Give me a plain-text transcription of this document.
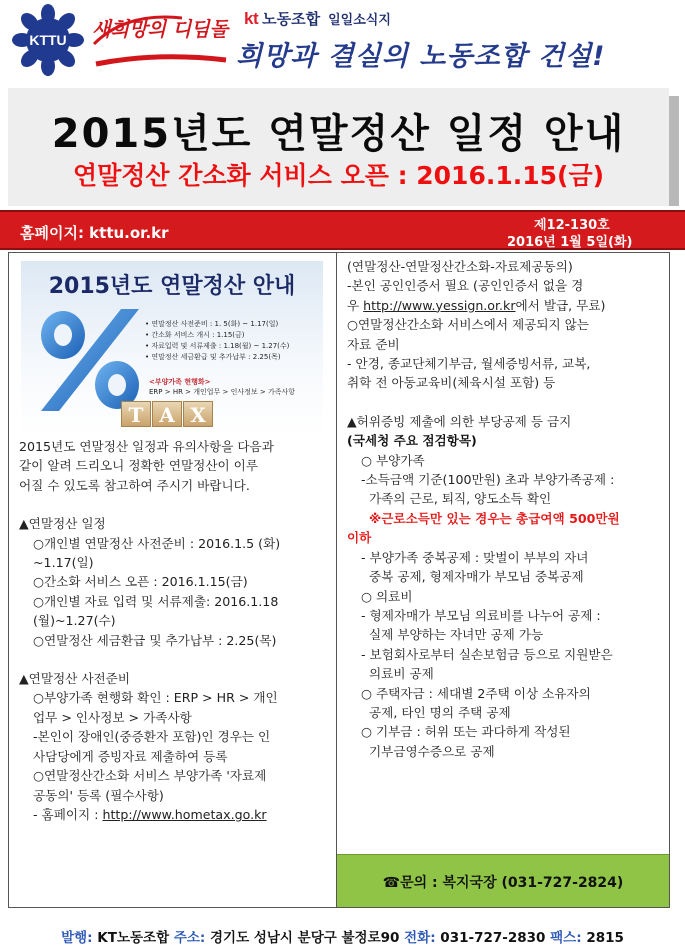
KTTU 새희망의 디딤돌 kt 노동조합 일일소식지
희망과 결실의 노동조합 건설!
2015년도 연말정산 일정 안내
연말정산 간소화 서비스 오픈 : 2016.1.15(금)
홈페이지: kttu.or.kr	제12-130호
2016년 1월 5일(화)
2015년도 연말정산 안내
• 연말정산 사전준비 : 1. 5(화) ~ 1.17(일)
• 간소화 서비스 개시 : 1.15(금)
• 자료입력 및 서류제출 : 1.18(월) ~ 1.27(수)
• 연말정산 세금환급 및 추가납부 : 2.25(목)
<부양가족 현행화>
ERP > HR > 개인업무 > 인사정보 > 가족사항
T A X
2015년도 연말정산 일정과 유의사항을 다음과
같이 알려 드리오니 정확한 연말정산이 이루
어질 수 있도록 참고하여 주시기 바랍니다.
▲연말정산 일정
○개인별 연말정산 사전준비 : 2016.1.5 (화)
~1.17(일)
○간소화 서비스 오픈 : 2016.1.15(금)
○개인별 자료 입력 및 서류제출: 2016.1.18
(월)~1.27(수)
○연말정산 세금환급 및 추가납부 : 2.25(목)
▲연말정산 사전준비
○부양가족 현행화 확인 : ERP > HR > 개인
업무 > 인사정보 > 가족사항
-본인이 장애인(중증환자 포함)인 경우는 인
사담당에게 증빙자료 제출하여 등록
○연말정산간소화 서비스 부양가족 '자료제
공동의' 등록 (필수사항)
- 홈페이지 : http://www.hometax.go.kr
(연말정산-연말정산간소화-자료제공동의)
-본인 공인인증서 필요 (공인인증서 없을 경
우 http://www.yessign.or.kr에서 발급, 무료)
○연말정산간소화 서비스에서 제공되지 않는
자료 준비
- 안경, 종교단체기부금, 월세증빙서류, 교복,
취학 전 아동교육비(체육시설 포함) 등
▲허위증빙 제출에 의한 부당공제 등 금지
(국세청 주요 점검항목)
○ 부양가족
-소득금액 기준(100만원) 초과 부양가족공제 :
가족의 근로, 퇴직, 양도소득 확인
※근로소득만 있는 경우는 총급여액 500만원
이하
- 부양가족 중복공제 : 맞벌이 부부의 자녀
중복 공제, 형제자매가 부모님 중복공제
○ 의료비
- 형제자매가 부모님 의료비를 나누어 공제 :
실제 부양하는 자녀만 공제 가능
- 보험회사로부터 실손보험금 등으로 지원받은
의료비 공제
○ 주택자금 : 세대별 2주택 이상 소유자의
공제, 타인 명의 주택 공제
○ 기부금 : 허위 또는 과다하게 작성된
기부금영수증으로 공제
☎문의 : 복지국장 (031-727-2824)
발행: KT노동조합 주소: 경기도 성남시 분당구 불정로90 전화: 031-727-2830 팩스: 2815
